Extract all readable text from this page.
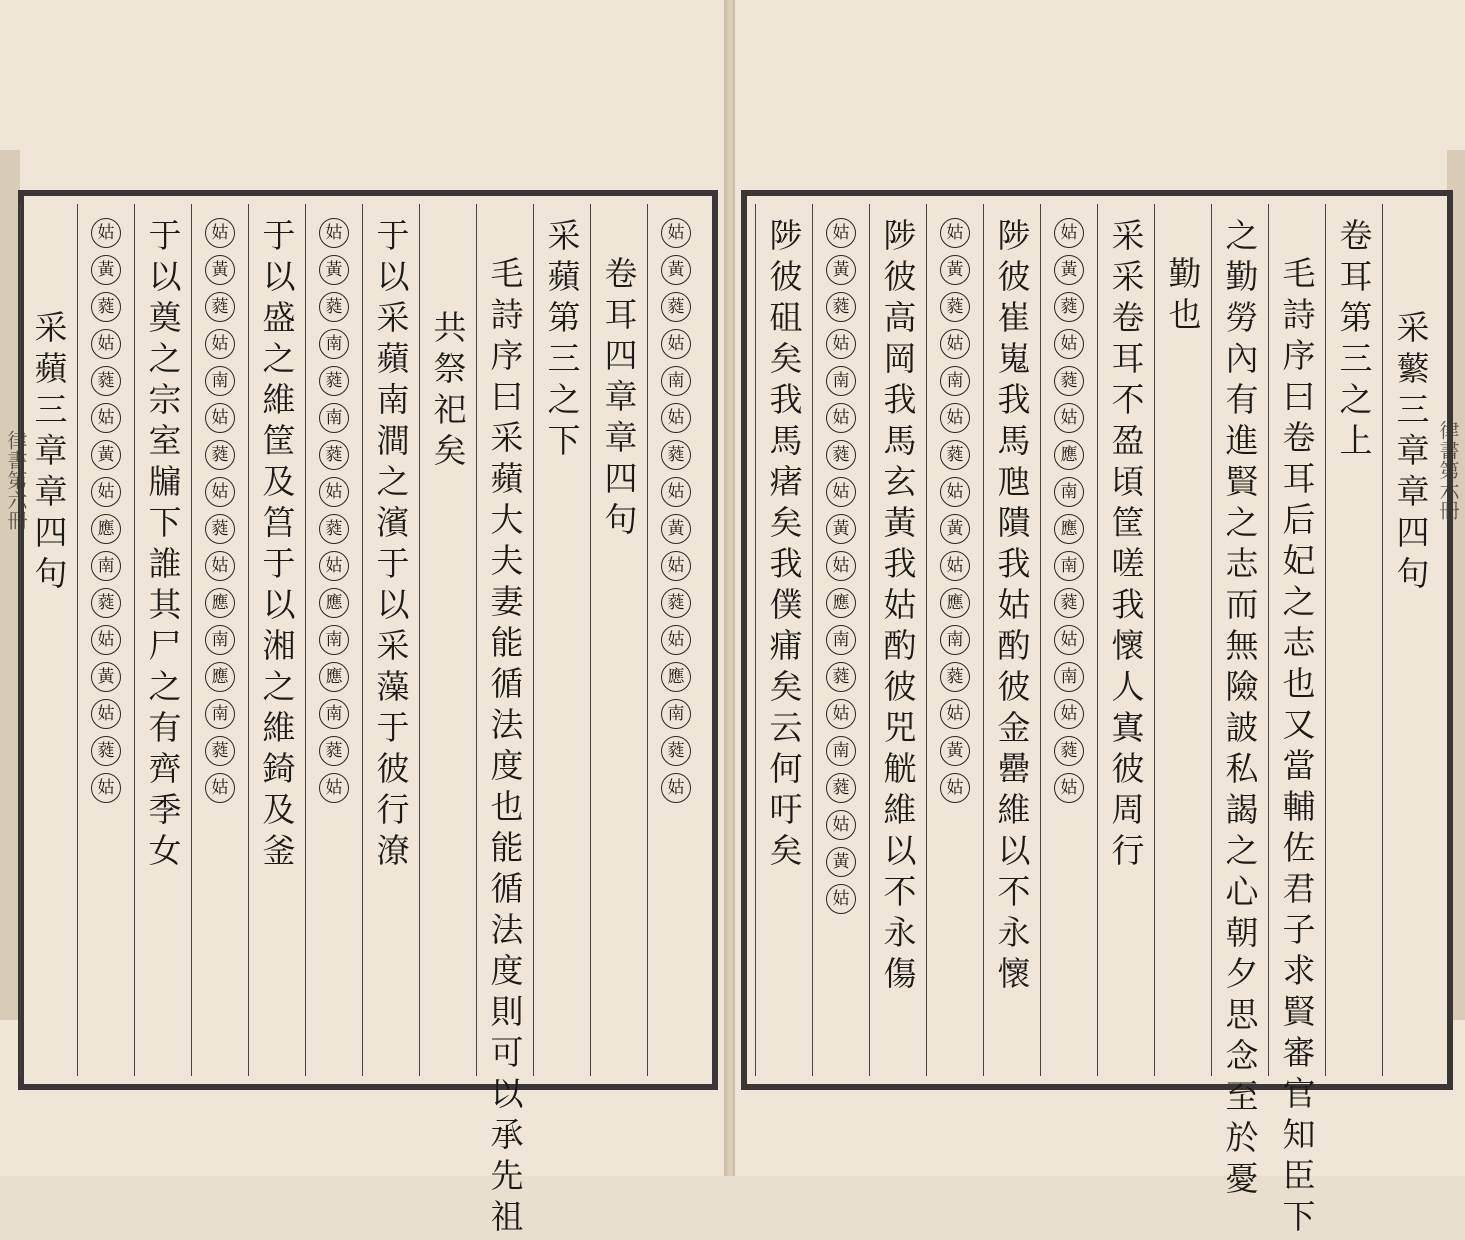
律書第六冊
姑
黃
蕤
姑
南
姑
蕤
姑
黃
姑
蕤
姑
應
南
蕤
姑
卷耳四章章四句
采蘋第三之下
毛詩序曰采蘋大夫妻能循法度也能循法度則可以承先祖
共祭祀矣
于以采蘋南澗之濱于以采藻于彼行潦
姑
黃
蕤
南
蕤
南
蕤
姑
蕤
姑
應
南
應
南
蕤
姑
于以盛之維筐及筥于以湘之維錡及釜
姑
黃
蕤
姑
南
姑
蕤
姑
蕤
姑
應
南
應
南
蕤
姑
于以奠之宗室牖下誰其尸之有齊季女
姑
黃
蕤
姑
蕤
姑
黃
姑
應
南
蕤
姑
黃
姑
蕤
姑
采蘋三章章四句	律書第六冊
采蘩三章章四句
卷耳第三之上
毛詩序曰卷耳后妃之志也又當輔佐君子求賢審官知臣下
之勤勞內有進賢之志而無險詖私謁之心朝夕思念至於憂
勤也
采采卷耳不盈頃筐嗟我懷人寘彼周行
姑
黃
蕤
姑
蕤
姑
應
南
應
南
蕤
姑
南
姑
蕤
姑
陟彼崔嵬我馬虺隤我姑酌彼金罍維以不永懷
姑
黃
蕤
姑
南
姑
蕤
姑
黃
姑
應
南
蕤
姑
黃
姑
陟彼高岡我馬玄黃我姑酌彼兕觥維以不永傷
姑
黃
蕤
姑
南
姑
蕤
姑
黃
姑
應
南
蕤
姑
南
蕤
姑
黃
姑
陟彼砠矣我馬瘏矣我僕痡矣云何吁矣
